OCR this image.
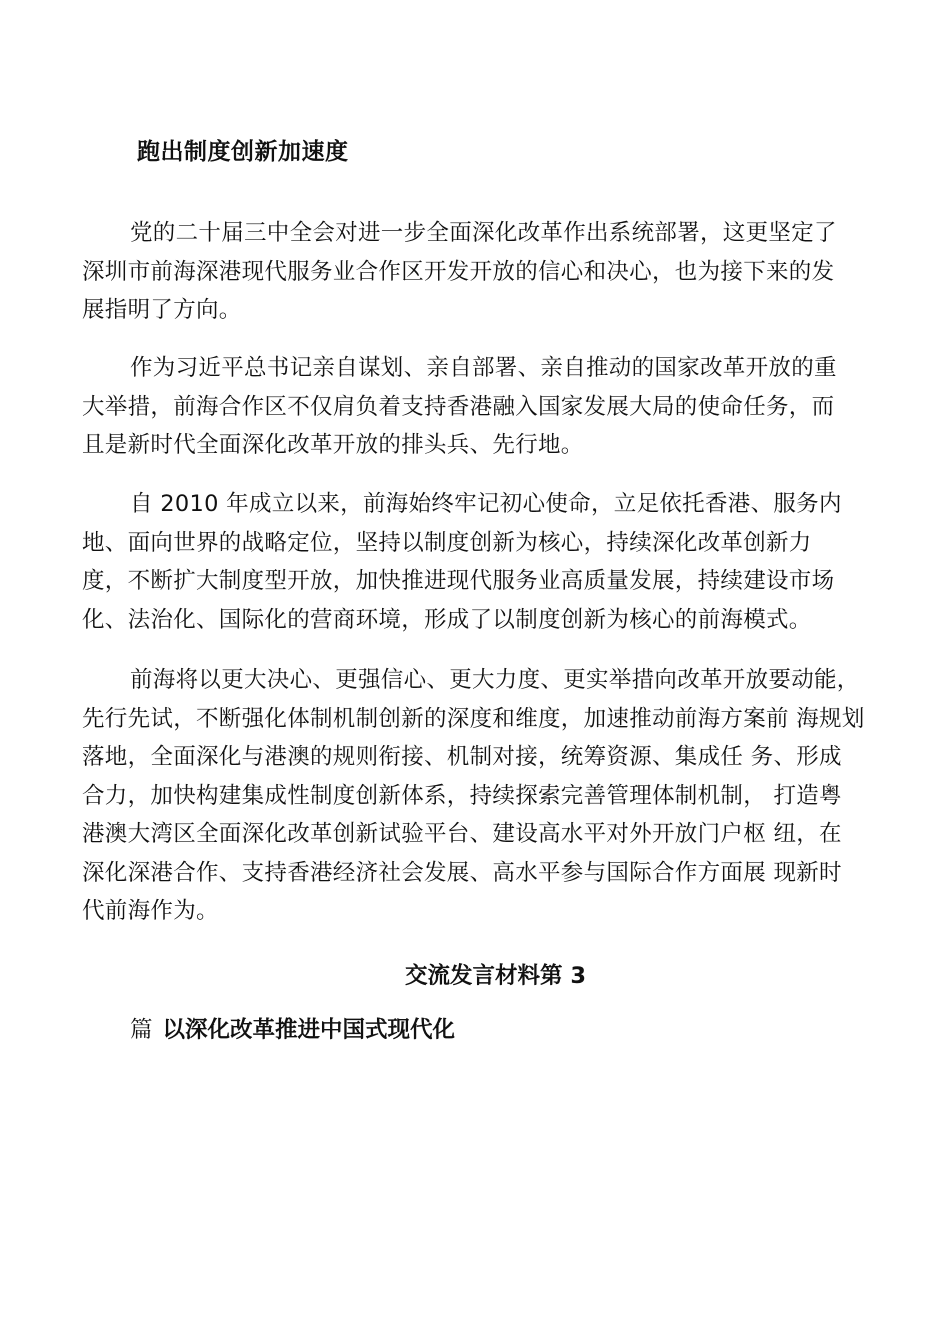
跑出制度创新加速度
党的二十届三中全会对进一步全面深化改革作出系统部署，这更坚定了
深圳市前海深港现代服务业合作区开发开放的信心和决心，也为接下来的发
展指明了方向。
作为习近平总书记亲自谋划、亲自部署、亲自推动的国家改革开放的重
大举措，前海合作区不仅肩负着支持香港融入国家发展大局的使命任务，而
且是新时代全面深化改革开放的排头兵、先行地。
自 2010 年成立以来，前海始终牢记初心使命，立足依托香港、服务内
地、面向世界的战略定位，坚持以制度创新为核心，持续深化改革创新力
度，不断扩大制度型开放，加快推进现代服务业高质量发展，持续建设市场
化、法治化、国际化的营商环境，形成了以制度创新为核心的前海模式。
前海将以更大决心、更强信心、更大力度、更实举措向改革开放要动能，
先行先试，不断强化体制机制创新的深度和维度，加速推动前海方案前 海规划
落地，全面深化与港澳的规则衔接、机制对接，统筹资源、集成任 务、形成
合力，加快构建集成性制度创新体系，持续探索完善管理体制机制， 打造粤
港澳大湾区全面深化改革创新试验平台、建设高水平对外开放门户枢 纽，在
深化深港合作、支持香港经济社会发展、高水平参与国际合作方面展 现新时
代前海作为。
交流发言材料第 3
篇 以深化改革推进中国式现代化
